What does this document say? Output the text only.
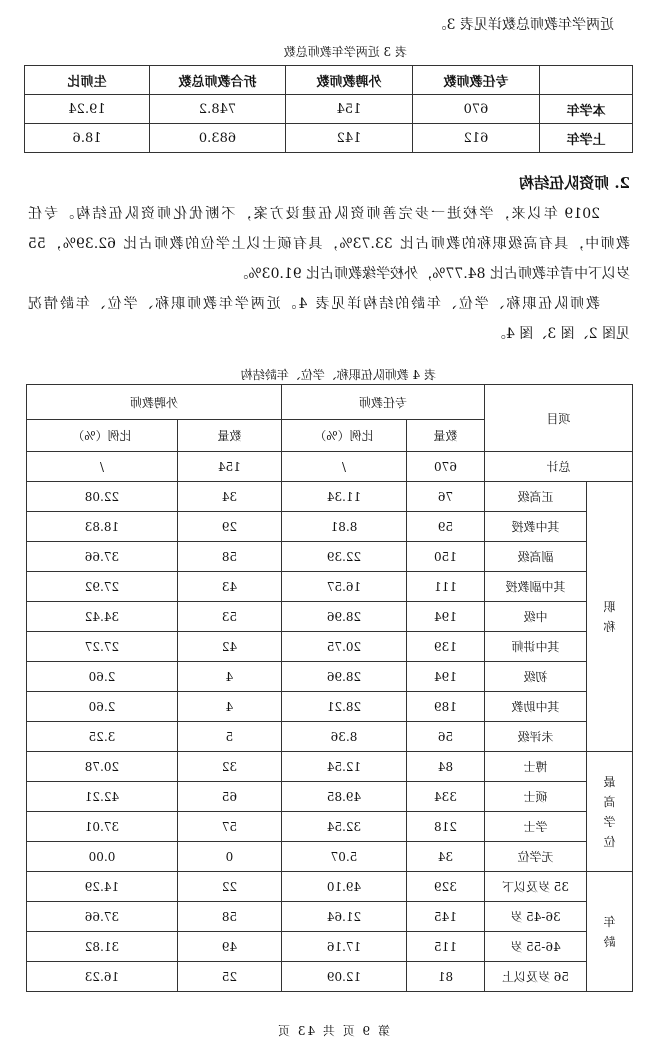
近两学年教师总数详见表 3。
表 3 近两学年教师总数
	专任教师数	外聘教师数	折合教师总数	生师比
本学年	670	154	748.2	19.24
上学年	612	142	683.0	18.6
2. 师资队伍结构
2019 年以来，学校进一步完善师资队伍建设方案，不断优化师资队伍结构。专任
教师中，具有高级职称的教师占比 33.73%，具有硕士以上学位的教师占比 62.39%，55
岁以下中青年教师占比 84.77%，外校学缘教师占比 91.03%。
教师队伍职称、学位、年龄的结构详见表 4。近两学年教师职称、学位、年龄情况
见图 2、图 3、图 4。
表 4 教师队伍职称、学位、年龄结构
项目		专任教师		外聘教师	
		数量	比例（%）	数量	比例（%）
总计		670	/	154	/

职称	正高级	76	11.34	34	22.08
	其中教授	59	8.81	29	18.83
	副高级	150	22.39	58	37.66
	其中副教授	111	16.57	43	27.92
	中级	194	28.96	53	34.42
	其中讲师	139	20.75	42	27.27
	初级	194	28.96	4	2.60
	其中助教	189	28.21	4	2.60
	未评级	56	8.36	5	3.25

最高学位	博士	84	12.54	32	20.78
	硕士	334	49.85	65	42.21
	学士	218	32.54	57	37.01
	无学位	34	5.07	0	0.00

年龄	35 岁及以下	329	49.10	22	14.29
	36-45 岁	145	21.64	58	37.66
	46-55 岁	115	17.16	49	31.82
	56 岁及以上	81	12.09	25	16.23
第 9 页 共 43 页
